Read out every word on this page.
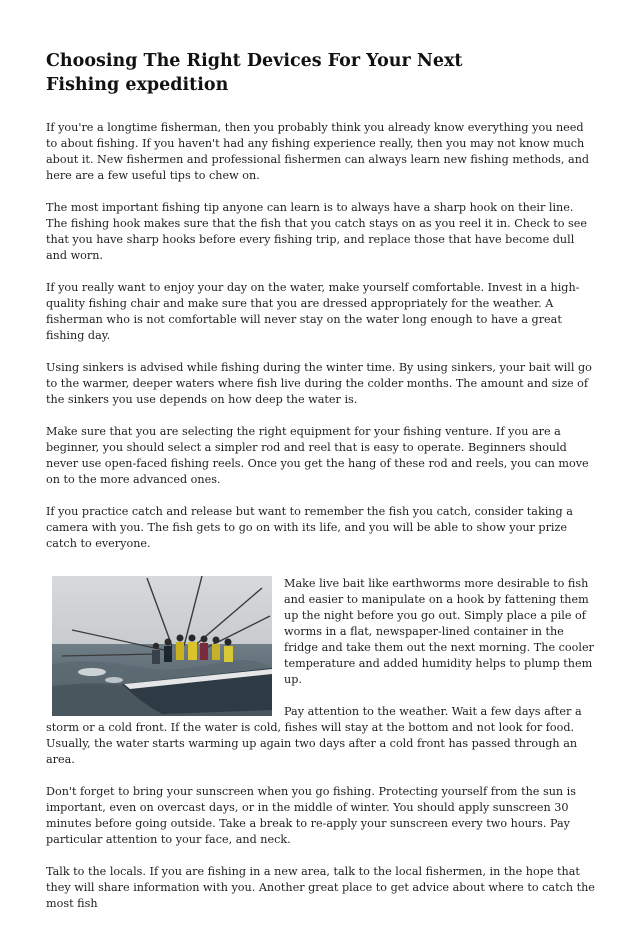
Choosing The Right Devices For Your Next Fishing expedition

If you're a longtime fisherman, then you probably think you already know everything you need to about fishing. If you haven't had any fishing experience really, then you may not know much about it. New fishermen and professional fishermen can always learn new fishing methods, and here are a few useful tips to chew on.

The most important fishing tip anyone can learn is to always have a sharp hook on their line. The fishing hook makes sure that the fish that you catch stays on as you reel it in. Check to see that you have sharp hooks before every fishing trip, and replace those that have become dull and worn.

If you really want to enjoy your day on the water, make yourself comfortable. Invest in a high-quality fishing chair and make sure that you are dressed appropriately for the weather. A fisherman who is not comfortable will never stay on the water long enough to have a great fishing day.

Using sinkers is advised while fishing during the winter time. By using sinkers, your bait will go to the warmer, deeper waters where fish live during the colder months. The amount and size of the sinkers you use depends on how deep the water is.

Make sure that you are selecting the right equipment for your fishing venture. If you are a beginner, you should select a simpler rod and reel that is easy to operate. Beginners should never use open-faced fishing reels. Once you get the hang of these rod and reels, you can move on to the more advanced ones.

If you practice catch and release but want to remember the fish you catch, consider taking a camera with you. The fish gets to go on with its life, and you will be able to show your prize catch to everyone.

Make live bait like earthworms more desirable to fish and easier to manipulate on a hook by fattening them up the night before you go out. Simply place a pile of worms in a flat, newspaper-lined container in the fridge and take them out the next morning. The cooler temperature and added humidity helps to plump them up.

Pay attention to the weather. Wait a few days after a storm or a cold front. If the water is cold, fishes will stay at the bottom and not look for food. Usually, the water starts warming up again two days after a cold front has passed through an area.

Don't forget to bring your sunscreen when you go fishing. Protecting yourself from the sun is important, even on overcast days, or in the middle of winter. You should apply sunscreen 30 minutes before going outside. Take a break to re-apply your sunscreen every two hours. Pay particular attention to your face, and neck.

Talk to the locals. If you are fishing in a new area, talk to the local fishermen, in the hope that they will share information with you. Another great place to get advice about where to catch the most fish
